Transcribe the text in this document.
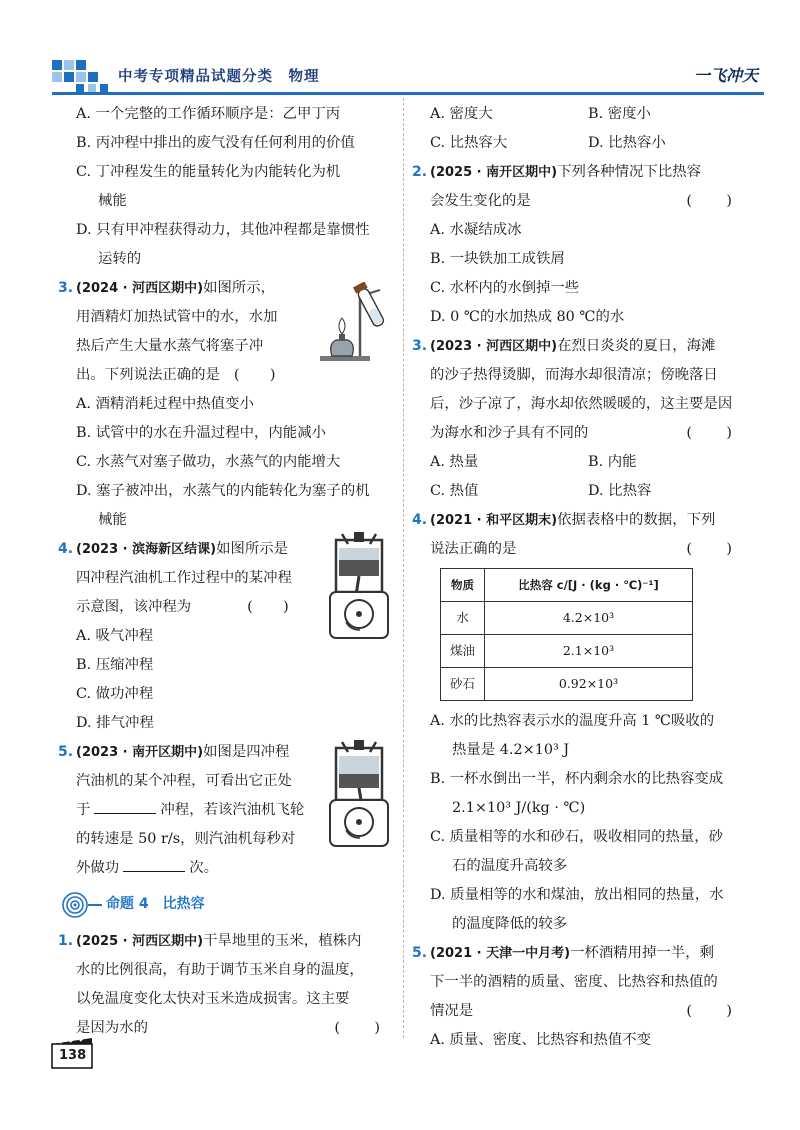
中考专项精品试题分类　物理	一飞冲天

A. 一个完整的工作循环顺序是：乙甲丁丙

B. 丙冲程中排出的废气没有任何利用的价值

C. 丁冲程发生的能量转化为内能转化为机

械能

D. 只有甲冲程获得动力，其他冲程都是靠惯性

运转的

3. (2024 · 河西区期中)如图所示，

用酒精灯加热试管中的水，水加

热后产生大量水蒸气将塞子冲

出。下列说法正确的是 (　)

A. 酒精消耗过程中热值变小

B. 试管中的水在升温过程中，内能减小

C. 水蒸气对塞子做功，水蒸气的内能增大

D. 塞子被冲出，水蒸气的内能转化为塞子的机

械能

4. (2023 · 滨海新区结课)如图所示是

四冲程汽油机工作过程中的某冲程

示意图，该冲程为	(　)

A. 吸气冲程

B. 压缩冲程

C. 做功冲程

D. 排气冲程

5. (2023 · 南开区期中)如图是四冲程

汽油机的某个冲程，可看出它正处

于	冲程，若该汽油机飞轮

的转速是 50 r/s，则汽油机每秒对

外做功	次。

命题 4　比热容

1. (2025 · 河西区期中)干旱地里的玉米，植株内

水的比例很高，有助于调节玉米自身的温度，

以免温度变化太快对玉米造成损害。这主要

是因为水的	(　)

A. 密度大	B. 密度小

C. 比热容大	D. 比热容小

2. (2025 · 南开区期中)下列各种情况下比热容

会发生变化的是	(　)

A. 水凝结成冰

B. 一块铁加工成铁屑

C. 水杯内的水倒掉一些

D. 0 ℃的水加热成 80 ℃的水

3. (2023 · 河西区期中)在烈日炎炎的夏日，海滩

的沙子热得烫脚，而海水却很清凉；傍晚落日

后，沙子凉了，海水却依然暖暖的，这主要是因

为海水和沙子具有不同的	(　)

A. 热量	B. 内能

C. 热值	D. 比热容

4. (2021 · 和平区期末)依据表格中的数据，下列

说法正确的是	(　)

物质	比热容 c/[J · (kg · ℃)⁻¹]
水	4.2×10³
煤油	2.1×10³
砂石	0.92×10³

A. 水的比热容表示水的温度升高 1 ℃吸收的

热量是 4.2×10³ J

B. 一杯水倒出一半，杯内剩余水的比热容变成

2.1×10³ J/(kg · ℃)

C. 质量相等的水和砂石，吸收相同的热量，砂

石的温度升高较多

D. 质量相等的水和煤油，放出相同的热量，水

的温度降低的较多

5. (2021 · 天津一中月考)一杯酒精用掉一半，剩

下一半的酒精的质量、密度、比热容和热值的

情况是	(　)

A. 质量、密度、比热容和热值不变

138
